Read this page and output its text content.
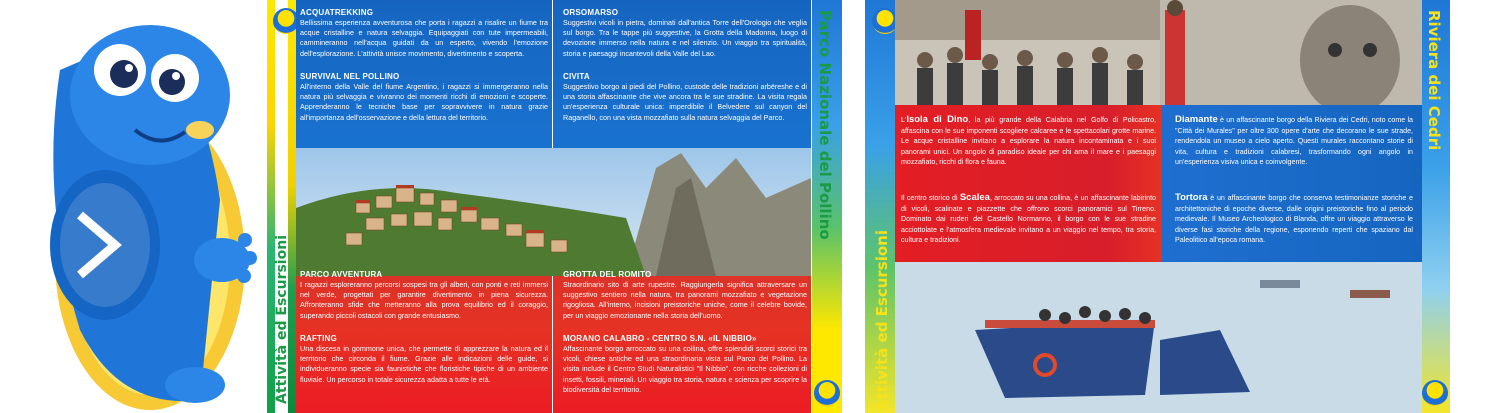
Attività ed Escursioni
ACQUATREKKING

Bellissima esperienza avventurosa che porta i ragazzi a risalire un fiume tra acque cristalline e natura selvaggia. Equipaggiati con tute impermeabili, cammineranno nell'acqua guidati da un esperto, vivendo l'emozione dell'esplorazione. L'attività unisce movimento, divertimento e scoperta.

SURVIVAL NEL POLLINO

All'interno della Valle del fiume Argentino, i ragazzi si immergeranno nella natura più selvaggia e vivranno dei momenti ricchi di emozioni e scoperte. Apprenderanno le tecniche base per sopravvivere in natura grazie all'importanza dell'osservazione e della lettura del territorio.

PARCO AVVENTURA

I ragazzi esploreranno percorsi sospesi tra gli alberi, con ponti e reti immersi nel verde, progettati per garantire divertimento in piena sicurezza. Affronteranno sfide che metteranno alla prova equilibrio ed il coraggio, superando piccoli ostacoli con grande entusiasmo.

RAFTING

Una discesa in gommone unica, che permette di apprezzare la natura ed il territorio che circonda il fiume. Grazie alle indicazioni delle guide, si individueranno specie sia faunistiche che floristiche tipiche di un ambiente fluviale. Un percorso in totale sicurezza adatta a tutte le età.

ORSOMARSO

Suggestivi vicoli in pietra, dominati dall'antica Torre dell'Orologio che veglia sul borgo. Tra le tappe più suggestive, la Grotta della Madonna, luogo di devozione immerso nella natura e nel silenzio. Un viaggio tra spiritualità, storia e paesaggi incantevoli della Valle del Lao.

CIVITA

Suggestivo borgo ai piedi del Pollino, custode delle tradizioni arbëreshe e di una storia affascinante che vive ancora tra le sue stradine. La visita regala un'esperienza culturale unica: imperdibile il Belvedere sul canyon del Raganello, con una vista mozzafiato sulla natura selvaggia del Parco.

GROTTA DEL ROMITO

Straordinario sito di arte rupestre. Raggiungerla significa attraversare un suggestivo sentiero nella natura, tra panorami mozzafiato e vegetazione rigogliosa. All'interno, incisioni preistoriche uniche, come il celebre bovide, per un viaggio emozionante nella storia dell'uomo.

MORANO CALABRO - CENTRO S.N. «IL NIBBIO»

Affascinante borgo arroccato su una collina, offre splendidi scorci storici tra vicoli, chiese antiche ed una straordinaria vista sul Parco del Pollino. La visita include il Centro Studi Naturalistici "Il Nibbio", con ricche collezioni di insetti, fossili, minerali. Un viaggio tra storia, natura e scienza per scoprire la biodiversità del territorio.

Parco Nazionale del Pollino
Attività ed Escursioni
L'Isola di Dino, la più grande della Calabria nel Golfo di Policastro, affascina con le sue imponenti scogliere calcaree e le spettacolari grotte marine. Le acque cristalline invitano a esplorare la natura incontaminata e i suoi panorami unici. Un angolo di paradiso ideale per chi ama il mare e i paesaggi mozzafiato, ricchi di flora e fauna.
Il centro storico di Scalea, arroccato su una collina, è un affascinante labirinto di vicoli, scalinate e piazzette che offrono scorci panoramici sul Tirreno. Dominato dai ruderi del Castello Normanno, il borgo con le sue stradine acciottolate e l'atmosfera medievale invitano a un viaggio nel tempo, tra storia, cultura e tradizioni.
Diamante è un affascinante borgo della Riviera dei Cedri, noto come la "Città dei Murales" per oltre 300 opere d'arte che decorano le sue strade, rendendola un museo a cielo aperto. Questi murales raccontano storie di vita, cultura e tradizioni calabresi, trasformando ogni angolo in un'esperienza visiva unica e coinvolgente.
Tortora è un affascinante borgo che conserva testimonianze storiche e architettoniche di epoche diverse, dalle origini preistoriche fino al periodo medievale. Il Museo Archeologico di Blanda, offre un viaggio attraverso le diverse fasi storiche della regione, esponendo reperti che spaziano dal Paleolitico all'epoca romana.
Riviera dei Cedri
